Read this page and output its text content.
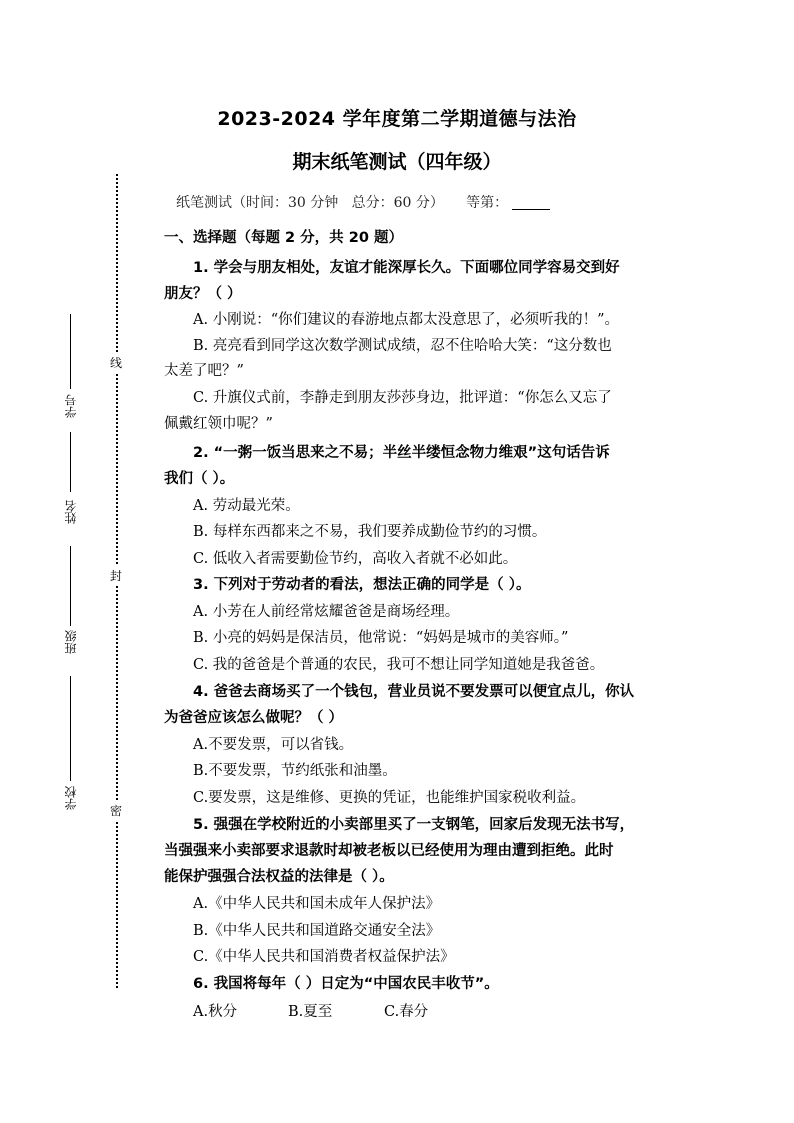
线
封
密
学号
姓名
班级
学校
2023-2024 学年度第二学期道德与法治
期末纸笔测试（四年级）
纸笔测试（时间：30 分钟   总分：60 分）     等第：
一、选择题（每题 2 分，共 20 题）
1. 学会与朋友相处，友谊才能深厚长久。下面哪位同学容易交到好
朋友？（ ）
A. 小刚说：“你们建议的春游地点都太没意思了，必须听我的！”。
B. 亮亮看到同学这次数学测试成绩，忍不住哈哈大笑：“这分数也
太差了吧？”
C. 升旗仪式前，李静走到朋友莎莎身边，批评道：“你怎么又忘了
佩戴红领巾呢？”
2. “一粥一饭当思来之不易；半丝半缕恒念物力维艰”这句话告诉
我们（ ）。
A. 劳动最光荣。
B. 每样东西都来之不易，我们要养成勤俭节约的习惯。
C. 低收入者需要勤俭节约，高收入者就不必如此。
3. 下列对于劳动者的看法，想法正确的同学是（ ）。
A. 小芳在人前经常炫耀爸爸是商场经理。
B. 小亮的妈妈是保洁员，他常说：“妈妈是城市的美容师。”
C. 我的爸爸是个普通的农民，我可不想让同学知道她是我爸爸。
4. 爸爸去商场买了一个钱包，营业员说不要发票可以便宜点儿，你认
为爸爸应该怎么做呢？（ ）
A.不要发票，可以省钱。
B.不要发票，节约纸张和油墨。
C.要发票，这是维修、更换的凭证，也能维护国家税收利益。
5. 强强在学校附近的小卖部里买了一支钢笔，回家后发现无法书写，
当强强来小卖部要求退款时却被老板以已经使用为理由遭到拒绝。此时
能保护强强合法权益的法律是（ ）。
A.《中华人民共和国未成年人保护法》
B.《中华人民共和国道路交通安全法》
C.《中华人民共和国消费者权益保护法》
6. 我国将每年（ ）日定为“中国农民丰收节”。
A.秋分	B.夏至	C.春分
